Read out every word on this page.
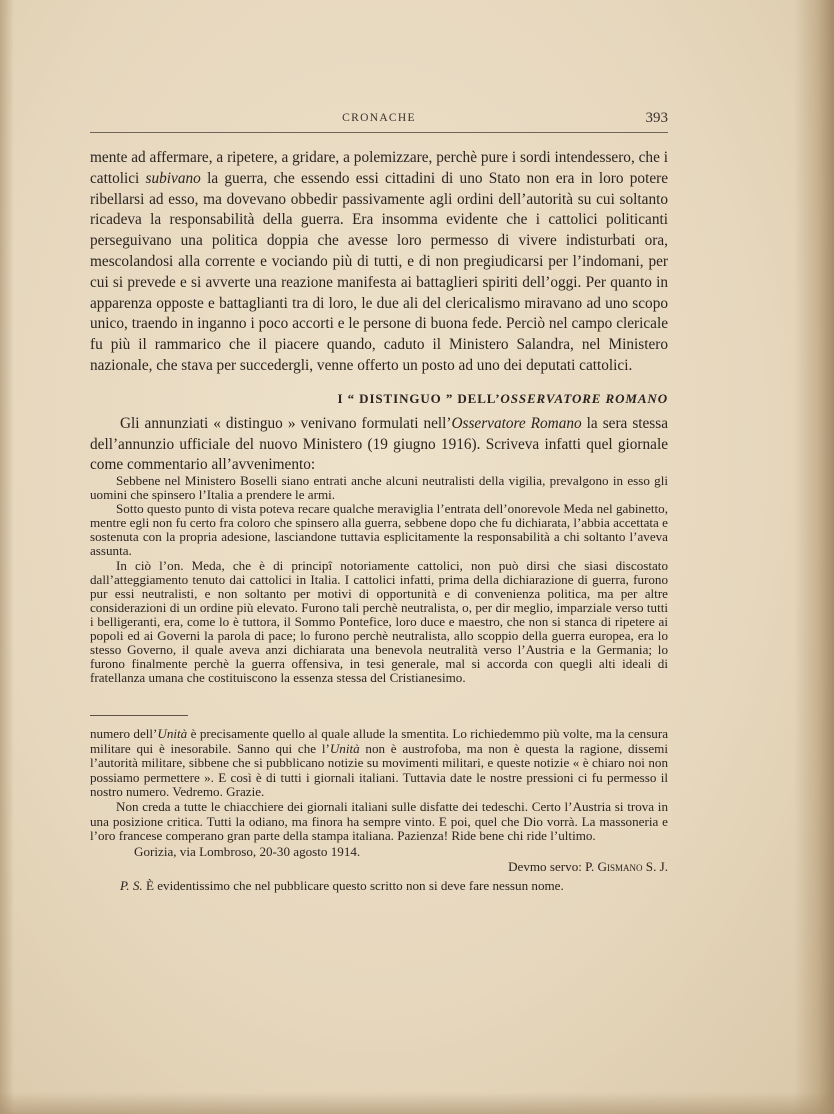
CRONACHE	393

mente ad affermare, a ripetere, a gridare, a polemizzare, perchè pure i sordi intendessero, che i cattolici subivano la guerra, che essendo essi cittadini di uno Stato non era in loro potere ribellarsi ad esso, ma dovevano obbedir passivamente agli ordini dell’autorità su cui soltanto ricadeva la responsabilità della guerra. Era insomma evidente che i cattolici politicanti perseguivano una politica doppia che avesse loro permesso di vivere indisturbati ora, mescolandosi alla corrente e vociando più di tutti, e di non pregiudicarsi per l’indomani, per cui si prevede e si avverte una reazione manifesta ai battaglieri spiriti dell’oggi. Per quanto in apparenza opposte e battaglianti tra di loro, le due ali del clericalismo miravano ad uno scopo unico, traendo in inganno i poco accorti e le persone di buona fede. Perciò nel campo clericale fu più il rammarico che il piacere quando, caduto il Ministero Salandra, nel Ministero nazionale, che stava per succedergli, venne offerto un posto ad uno dei deputati cattolici.

I “ DISTINGUO ” DELL’OSSERVATORE ROMANO

Gli annunziati « distinguo » venivano formulati nell’Osservatore Romano la sera stessa dell’annunzio ufficiale del nuovo Ministero (19 giugno 1916). Scriveva infatti quel giornale come commentario all’avvenimento:

Sebbene nel Ministero Boselli siano entrati anche alcuni neutralisti della vigilia, prevalgono in esso gli uomini che spinsero l’Italia a prendere le armi.

Sotto questo punto di vista poteva recare qualche meraviglia l’entrata dell’onorevole Meda nel gabinetto, mentre egli non fu certo fra coloro che spinsero alla guerra, sebbene dopo che fu dichiarata, l’abbia accettata e sostenuta con la propria adesione, lasciandone tuttavia esplicitamente la responsabilità a chi soltanto l’aveva assunta.

In ciò l’on. Meda, che è di principî notoriamente cattolici, non può dirsi che siasi discostato dall’atteggiamento tenuto dai cattolici in Italia. I cattolici infatti, prima della dichiarazione di guerra, furono pur essi neutralisti, e non soltanto per motivi di opportunità e di convenienza politica, ma per altre considerazioni di un ordine più elevato. Furono tali perchè neutralista, o, per dir meglio, imparziale verso tutti i belligeranti, era, come lo è tuttora, il Sommo Pontefice, loro duce e maestro, che non si stanca di ripetere ai popoli ed ai Governi la parola di pace; lo furono perchè neutralista, allo scoppio della guerra europea, era lo stesso Governo, il quale aveva anzi dichiarata una benevola neutralità verso l’Austria e la Germania; lo furono finalmente perchè la guerra offensiva, in tesi generale, mal si accorda con quegli alti ideali di fratellanza umana che costituiscono la essenza stessa del Cristianesimo.

numero dell’Unità è precisamente quello al quale allude la smentita. Lo richiedemmo più volte, ma la censura militare qui è inesorabile. Sanno qui che l’Unità non è austrofoba, ma non è questa la ragione, dissemi l’autorità militare, sibbene che si pubblicano notizie su movimenti militari, e queste notizie « è chiaro noi non possiamo permettere ». E così è di tutti i giornali italiani. Tuttavia date le nostre pressioni ci fu permesso il nostro numero. Vedremo. Grazie.

Non creda a tutte le chiacchiere dei giornali italiani sulle disfatte dei tedeschi. Certo l’Austria si trova in una posizione critica. Tutti la odiano, ma finora ha sempre vinto. E poi, quel che Dio vorrà. La massoneria e l’oro francese comperano gran parte della stampa italiana. Pazienza! Ride bene chi ride l’ultimo.

Gorizia, via Lombroso, 20-30 agosto 1914.

Devmo servo: P. Gismano S. J.

P. S. È evidentissimo che nel pubblicare questo scritto non si deve fare nessun nome.
